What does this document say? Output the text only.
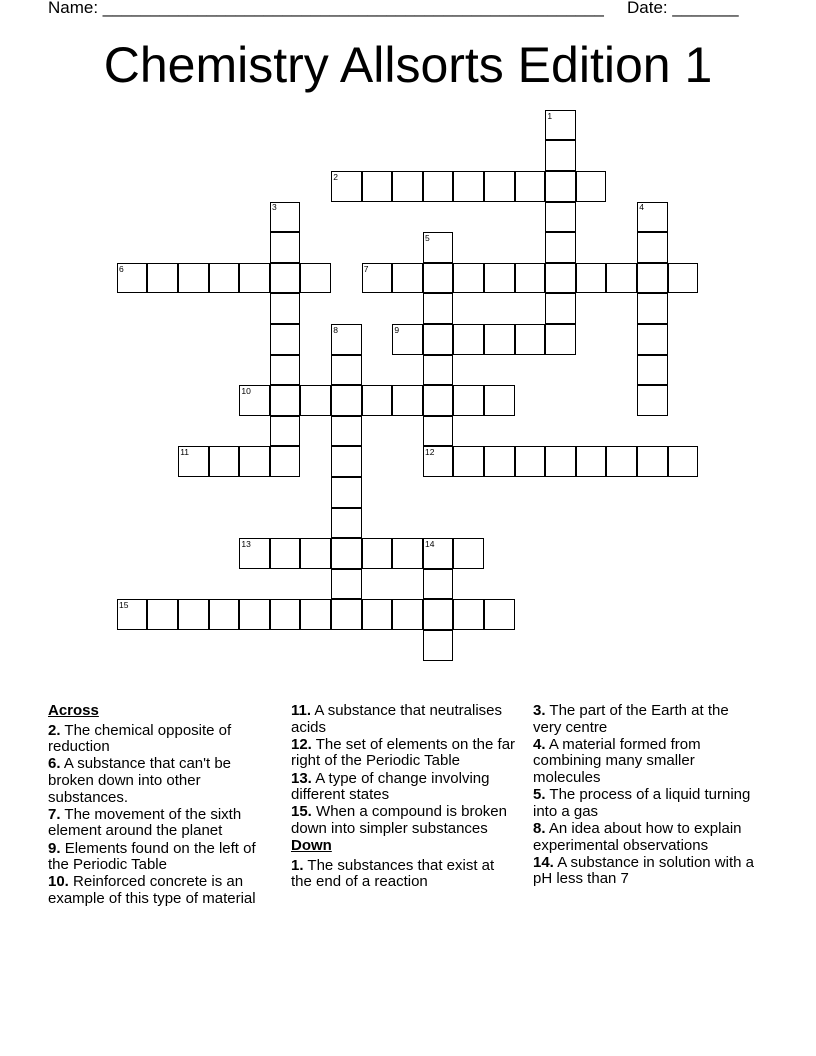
Name: _____________________________________________________ Date: _______
Chemistry Allsorts Edition 1
1
2
3	4
5
6	7
8	9
10
11	12
13	14
15
Across
2. The chemical opposite of reduction
6. A substance that can't be broken down into other substances.
7. The movement of the sixth element around the planet
9. Elements found on the left of the Periodic Table
10. Reinforced concrete is an example of this type of material
11. A substance that neutralises acids
12. The set of elements on the far right of the Periodic Table
13. A type of change involving different states
15. When a compound is broken down into simpler substances
Down
1. The substances that exist at the end of a reaction
3. The part of the Earth at the very centre
4. A material formed from combining many smaller molecules
5. The process of a liquid turning into a gas
8. An idea about how to explain experimental observations
14. A substance in solution with a pH less than 7
